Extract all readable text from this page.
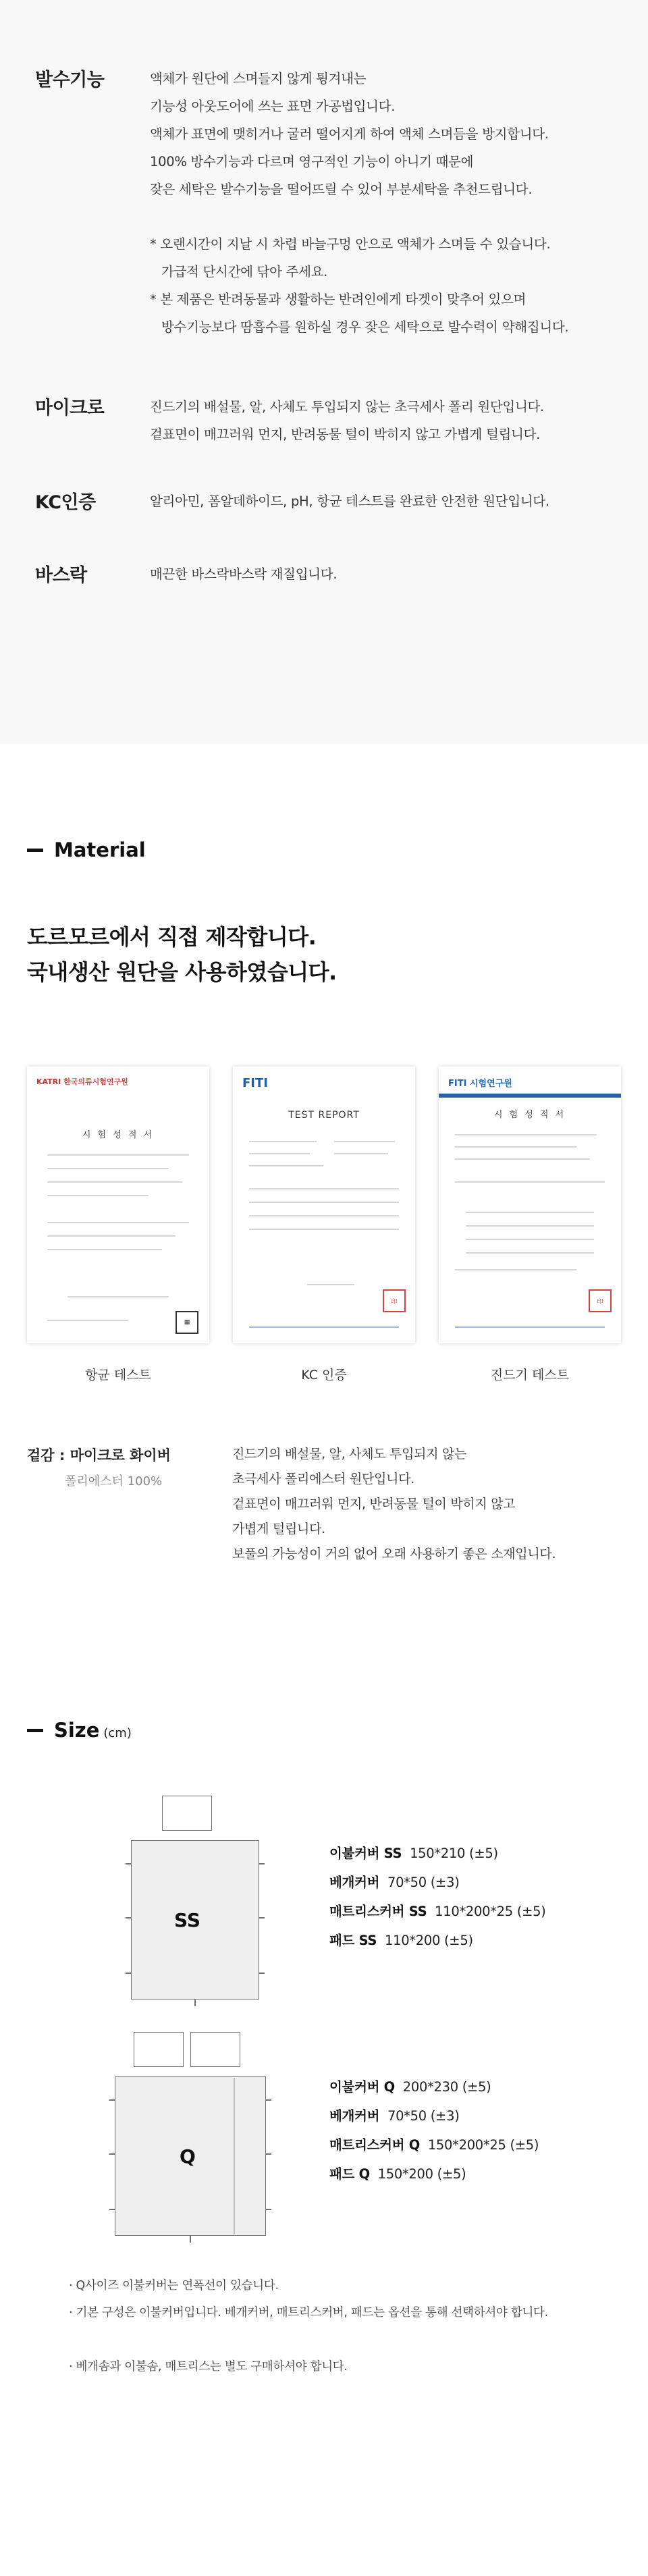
발수기능	액체가 원단에 스며들지 않게 튕겨내는

기능성 아웃도어에 쓰는 표면 가공법입니다.

액체가 표면에 맺히거나 굴러 떨어지게 하여 액체 스며듬을 방지합니다.

100% 방수기능과 다르며 영구적인 기능이 아니기 때문에

잦은 세탁은 발수기능을 떨어뜨릴 수 있어 부분세탁을 추천드립니다.

* 오랜시간이 지날 시 차렵 바늘구멍 안으로 액체가 스며들 수 있습니다.

가급적 단시간에 닦아 주세요.

* 본 제품은 반려동물과 생활하는 반려인에게 타겟이 맞추어 있으며

방수기능보다 땀흡수를 원하실 경우 잦은 세탁으로 발수력이 약해집니다.

마이크로	진드기의 배설물, 알, 사체도 투입되지 않는 초극세사 폴리 원단입니다.

겉표면이 매끄러워 먼지, 반려동물 털이 박히지 않고 가볍게 털립니다.

KC인증	알리아민, 폼알데하이드, pH, 항균 테스트를 완료한 안전한 원단입니다.

바스락	매끈한 바스락바스락 재질입니다.

Material
도르모르에서 직접 제작합니다.
국내생산 원단을 사용하였습니다.
KATRI 한국의류시험연구원
시 험 성 적 서
▦
FITI
TEST REPORT
印
FITI 시험연구원
시 험 성 적 서
印
항균 테스트	KC 인증	진드기 테스트
겉감 : 마이크로 화이버
폴리에스터 100%

진드기의 배설물, 알, 사체도 투입되지 않는

초극세사 폴리에스터 원단입니다.

겉표면이 매끄러워 먼지, 반려동물 털이 박히지 않고

가볍게 털립니다.

보풀의 가능성이 거의 없어 오래 사용하기 좋은 소재입니다.

Size (cm)
SS

이불커버 SS 150*210 (±5)

베개커버 70*50 (±3)

매트리스커버 SS 110*200*25 (±5)

패드 SS 110*200 (±5)

Q

이불커버 Q 200*230 (±5)

베개커버 70*50 (±3)

매트리스커버 Q 150*200*25 (±5)

패드 Q 150*200 (±5)

· Q사이즈 이불커버는 연폭선이 있습니다.

· 기본 구성은 이불커버입니다. 베개커버, 매트리스커버, 패드는 옵션을 통해 선택하셔야 합니다.

· 베개솜과 이불솜, 매트리스는 별도 구매하셔야 합니다.
